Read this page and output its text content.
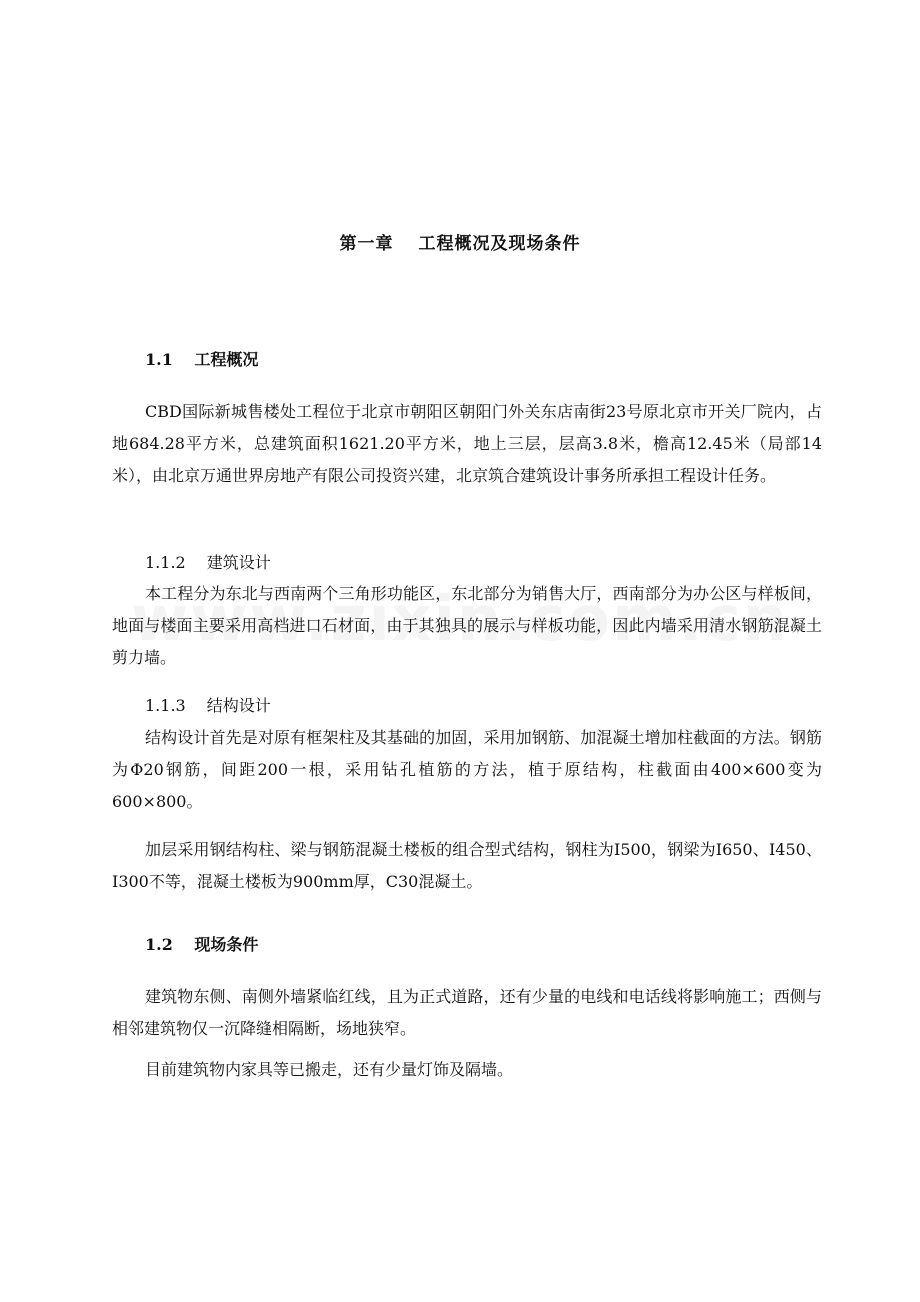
第一章　 工程概况及现场条件
1.1　 工程概况
CBD国际新城售楼处工程位于北京市朝阳区朝阳门外关东店南街23号原北京市开关厂院内，占地684.28平方米，总建筑面积1621.20平方米，地上三层，层高3.8米，檐高12.45米（局部14米），由北京万通世界房地产有限公司投资兴建，北京筑合建筑设计事务所承担工程设计任务。
1.1.2　 建筑设计
本工程分为东北与西南两个三角形功能区，东北部分为销售大厅，西南部分为办公区与样板间，地面与楼面主要采用高档进口石材面，由于其独具的展示与样板功能，因此内墙采用清水钢筋混凝土剪力墙。
1.1.3　 结构设计
结构设计首先是对原有框架柱及其基础的加固，采用加钢筋、加混凝土增加柱截面的方法。钢筋为Φ20钢筋，间距200一根，采用钻孔植筋的方法，植于原结构，柱截面由400×600变为600×800。
加层采用钢结构柱、梁与钢筋混凝土楼板的组合型式结构，钢柱为I500，钢梁为I650、I450、I300不等，混凝土楼板为900mm厚，C30混凝土。
1.2　 现场条件
建筑物东侧、南侧外墙紧临红线，且为正式道路，还有少量的电线和电话线将影响施工；西侧与相邻建筑物仅一沉降缝相隔断，场地狭窄。
目前建筑物内家具等已搬走，还有少量灯饰及隔墙。
